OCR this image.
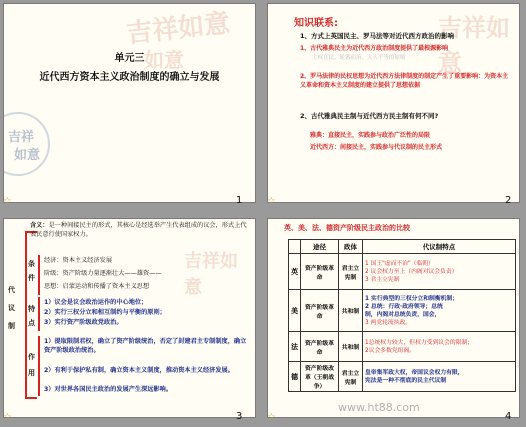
吉祥如意
如意
吉祥
如意
单元三
近代西方资本主义政治制度的确立与发展
吉祥如意
知识联系:
1、方式上英国民主、罗马法等对近代西方政治的影响
1、古代雅典民主为近代西方政治制度提供了最根源影响
主权在民、轮番而治、人人平等的原则
2、罗马法律的民权思想为近代西方法律制度的制定产生了重要影响：为资本主义革命和资本主义制度的建立提供了思想依据
2、古代雅典民主制与近代西方民主制有何不同?
雅典：直接民主，实践参与政治广泛性的局限
近代西方：间接民主，实践参与代议制的民主形式
吉祥如意
代
议
制
含义：是一种间接民主的形式，其核心是经选举产生代表组成的议会，形式上代表民意行使国家权力。
条
件
经济：资本主义经济发展
阶级：资产阶级力量逐渐壮大——雄资——
思想：启蒙运动和传播了资本主义思想
特
点
1）议会是议会政治运作的中心地位；
2）实行三权分立和相互制约与平衡的原则；
3）实行资产阶级政党政治。
作
用
1）提取限制君权，确立了资产阶级统治，否定了封建君主专制制度，确立资产阶级政治统治。
2）有利于保护私有制，确立资本主义制度，推动资本主义经济发展。
3）对世界各国民主政治的发展产生深远影响。
英、美、法、德资产阶级民主政治的比较
	途径	政体	代议制特点
英	资产阶级革命	君主立宪制	1 国王"虚而不治"（临朝）
2 议会权力至上（内阁对议会负责）
3 君主立宪制

美	资产阶级革命	共和制	1 实行典型的三权分立和制衡机制；
2 总统：行政·政府领导；总统
制，内阁对总统负责，国会，
3 两党轮流执政。

法	资产阶级革命	共和制	1总统权力较大，但权力受到议会的限制；
2议会多数党组阁。

德	资产阶级改革（王朝战争）	君主立宪制	皇帝集军政大权，帝国议会权力有限，
宪法是一种不彻底的民主代议制
1	2
3	4
☆	☆
☆	☆
www.ht88.com
